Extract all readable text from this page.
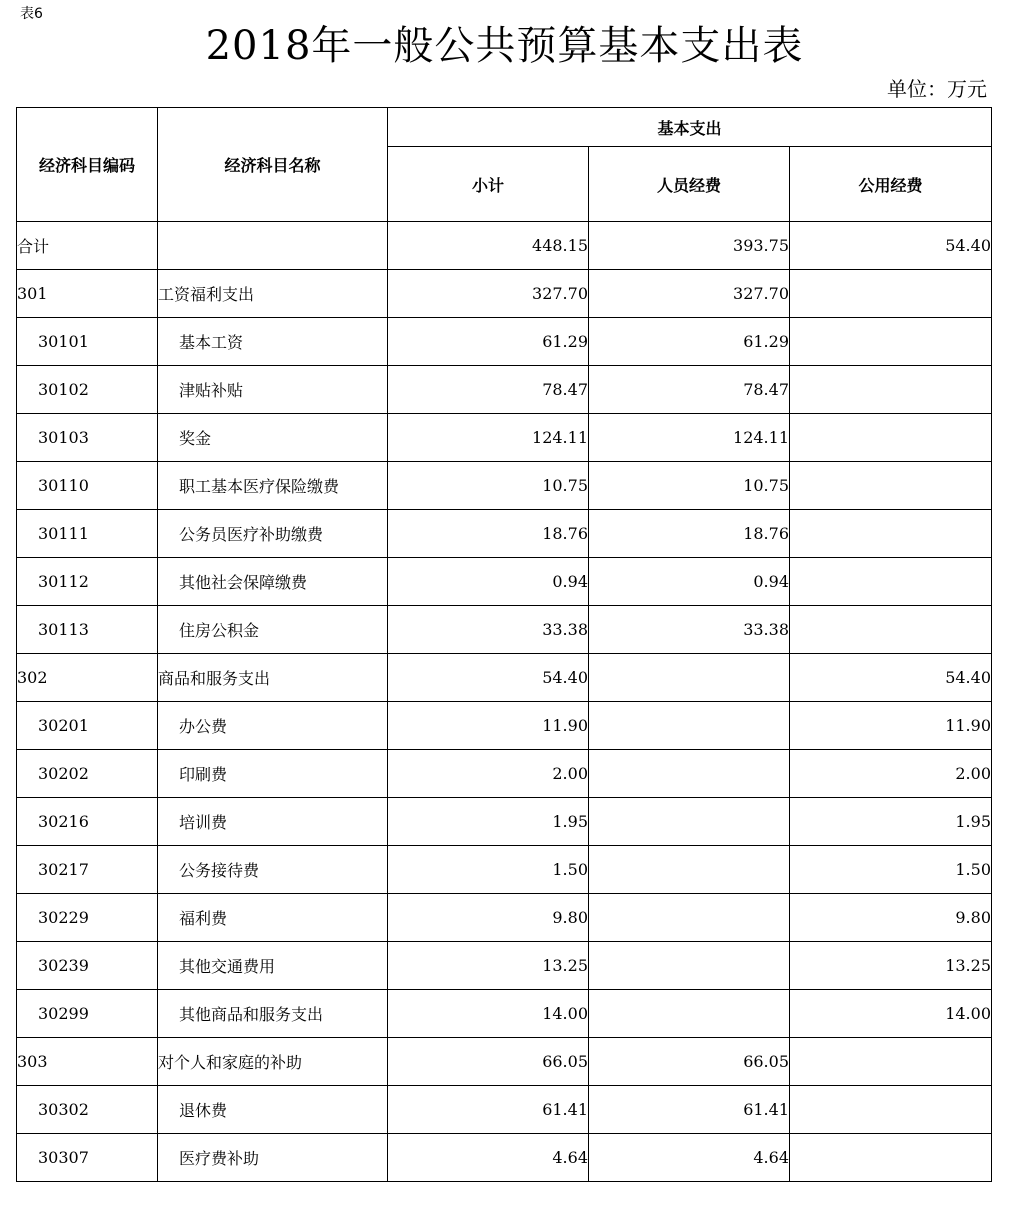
表6
2018年一般公共预算基本支出表
单位：万元
经济科目编码	经济科目名称	基本支出		
		小计	人员经费	公用经费
合计		448.15	393.75	54.40
301	工资福利支出	327.70	327.70	
30101	基本工资	61.29	61.29	
30102	津贴补贴	78.47	78.47	
30103	奖金	124.11	124.11	
30110	职工基本医疗保险缴费	10.75	10.75	
30111	公务员医疗补助缴费	18.76	18.76	
30112	其他社会保障缴费	0.94	0.94	
30113	住房公积金	33.38	33.38	
302	商品和服务支出	54.40		54.40
30201	办公费	11.90		11.90
30202	印刷费	2.00		2.00
30216	培训费	1.95		1.95
30217	公务接待费	1.50		1.50
30229	福利费	9.80		9.80
30239	其他交通费用	13.25		13.25
30299	其他商品和服务支出	14.00		14.00
303	对个人和家庭的补助	66.05	66.05	
30302	退休费	61.41	61.41	
30307	医疗费补助	4.64	4.64	
